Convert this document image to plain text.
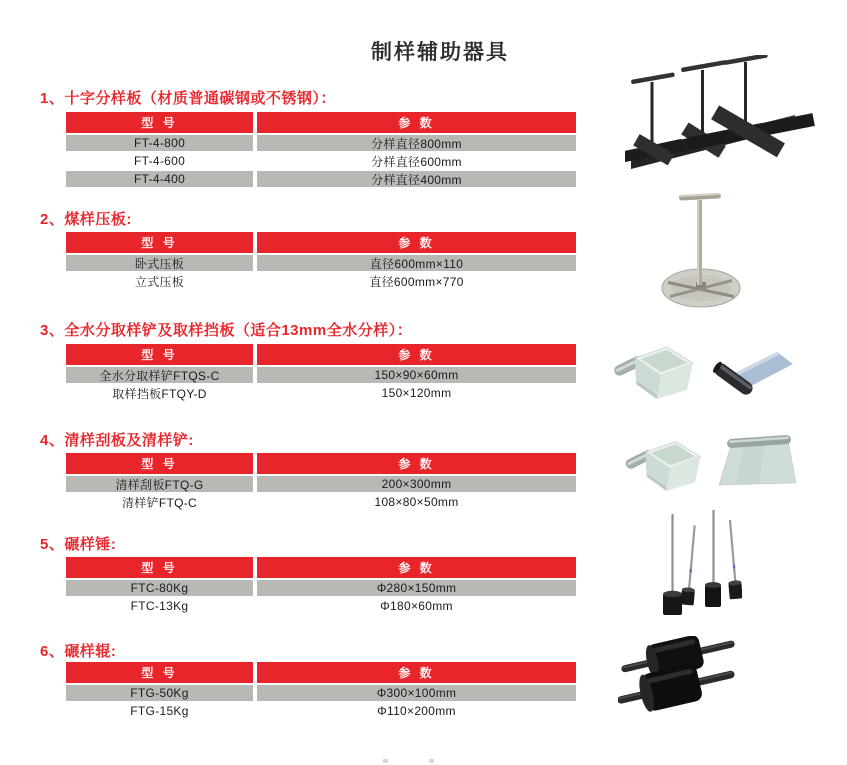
制样辅助器具
1、十字分样板（材质普通碳钢或不锈钢）：
型 号	参 数
FT-4-800	分样直径800mm
FT-4-600	分样直径600mm
FT-4-400	分样直径400mm
2、煤样压板:
型 号	参 数
卧式压板	直径600mm×110
立式压板	直径600mm×770
3、全水分取样铲及取样挡板（适合13mm全水分样）：
型 号	参 数
全水分取样铲FTQS-C	150×90×60mm
取样挡板FTQY-D	150×120mm
4、清样刮板及清样铲:
型 号	参 数
清样刮板FTQ-G	200×300mm
清样铲FTQ-C	108×80×50mm
5、碾样锤:
型 号	参 数
FTC-80Kg	Φ280×150mm
FTC-13Kg	Φ180×60mm
6、碾样辊:
型 号	参 数
FTG-50Kg	Φ300×100mm
FTG-15Kg	Φ110×200mm
